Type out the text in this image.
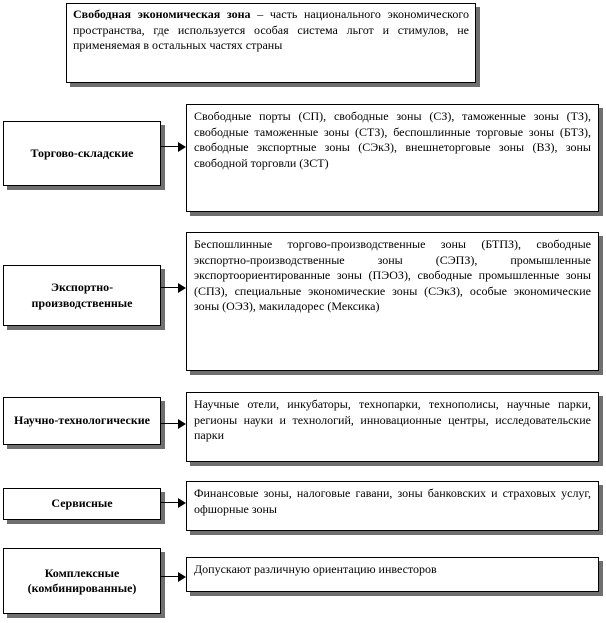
Свободная экономическая зона – часть национального экономического пространства, где используется особая система льгот и стимулов, не применяемая в остальных частях страны
Торгово-складские
Свободные порты (СП), свободные зоны (СЗ), таможенные зоны (ТЗ), свободные таможенные зоны (СТЗ), беспошлинные торговые зоны (БТЗ), свободные экспортные зоны (СЭкЗ), внешнеторговые зоны (ВЗ), зоны свободной торговли (ЗСТ)
Экспортно-производственные
Беспошлинные торгово-производственные зоны (БТПЗ), свободные экспортно-производственные зоны (СЭПЗ), промышленные экспортоориентированные зоны (ПЭОЗ), свободные промышленные зоны (СПЗ), специальные экономические зоны (СЭкЗ), особые экономические зоны (ОЭЗ), макиладорес (Мексика)
Научно-технологические
Научные отели, инкубаторы, технопарки, технополисы, научные парки, регионы науки и технологий, инновационные центры, исследовательские парки
Сервисные
Финансовые зоны, налоговые гавани, зоны банковских и страховых услуг, офшорные зоны
Комплексные (комбинированные)
Допускают различную ориентацию инвесторов
